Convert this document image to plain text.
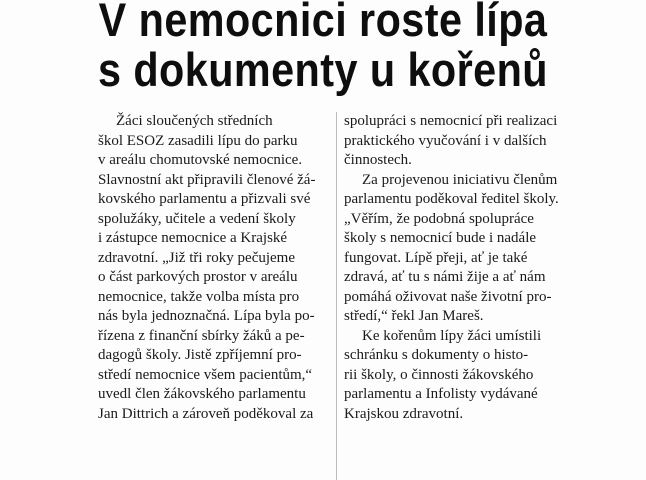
V nemocnici roste lípa
s dokumenty u kořenů
Žáci sloučených středních
škol ESOZ zasadili lípu do parku
v areálu chomutovské nemocnice.
Slavnostní akt připravili členové žá-
kovského parlamentu a přizvali své
spolužáky, učitele a vedení školy
i zástupce nemocnice a Krajské
zdravotní. „Již tři roky pečujeme
o část parkových prostor v areálu
nemocnice, takže volba místa pro
nás byla jednoznačná. Lípa byla po-
řízena z finanční sbírky žáků a pe-
dagogů školy. Jistě zpříjemní pro-
středí nemocnice všem pacientům,“
uvedl člen žákovského parlamentu
Jan Dittrich a zároveň poděkoval za
spolupráci s nemocnicí při realizaci
praktického vyučování i v dalších
činnostech.
Za projevenou iniciativu členům
parlamentu poděkoval ředitel školy.
„Věřím, že podobná spolupráce
školy s nemocnicí bude i nadále
fungovat. Lípě přeji, ať je také
zdravá, ať tu s námi žije a ať nám
pomáhá oživovat naše životní pro-
středí,“ řekl Jan Mareš.
Ke kořenům lípy žáci umístili
schránku s dokumenty o histo-
rii školy, o činnosti žákovského
parlamentu a Infolisty vydávané
Krajskou zdravotní.
